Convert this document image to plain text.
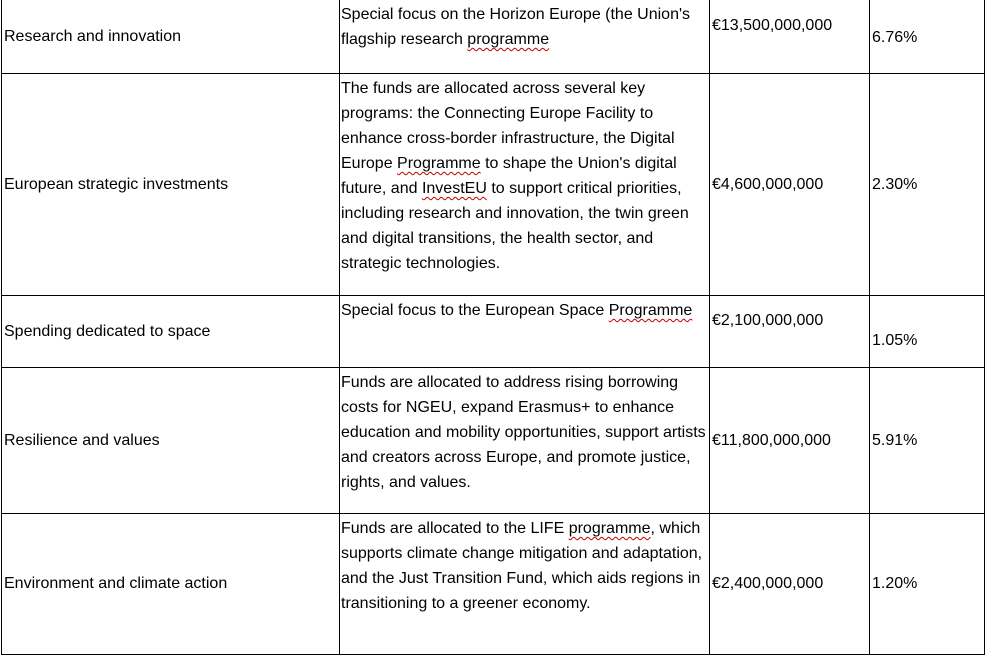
Research and innovation	Special focus on the Horizon Europe (the Union's flagship research programme	€13,500,000,000	6.76%
European strategic investments	The funds are allocated across several key programs: the Connecting Europe Facility to enhance cross-border infrastructure, the Digital Europe Programme to shape the Union's digital future, and InvestEU to support critical priorities, including research and innovation, the twin green and digital transitions, the health sector, and strategic technologies.	€4,600,000,000	2.30%
Spending dedicated to space	Special focus to the European Space Programme	€2,100,000,000	1.05%
Resilience and values	Funds are allocated to address rising borrowing costs for NGEU, expand Erasmus+ to enhance education and mobility opportunities, support artists and creators across Europe, and promote justice, rights, and values.	€11,800,000,000	5.91%
Environment and climate action	Funds are allocated to the LIFE programme, which supports climate change mitigation and adaptation, and the Just Transition Fund, which aids regions in transitioning to a greener economy.	€2,400,000,000	1.20%
